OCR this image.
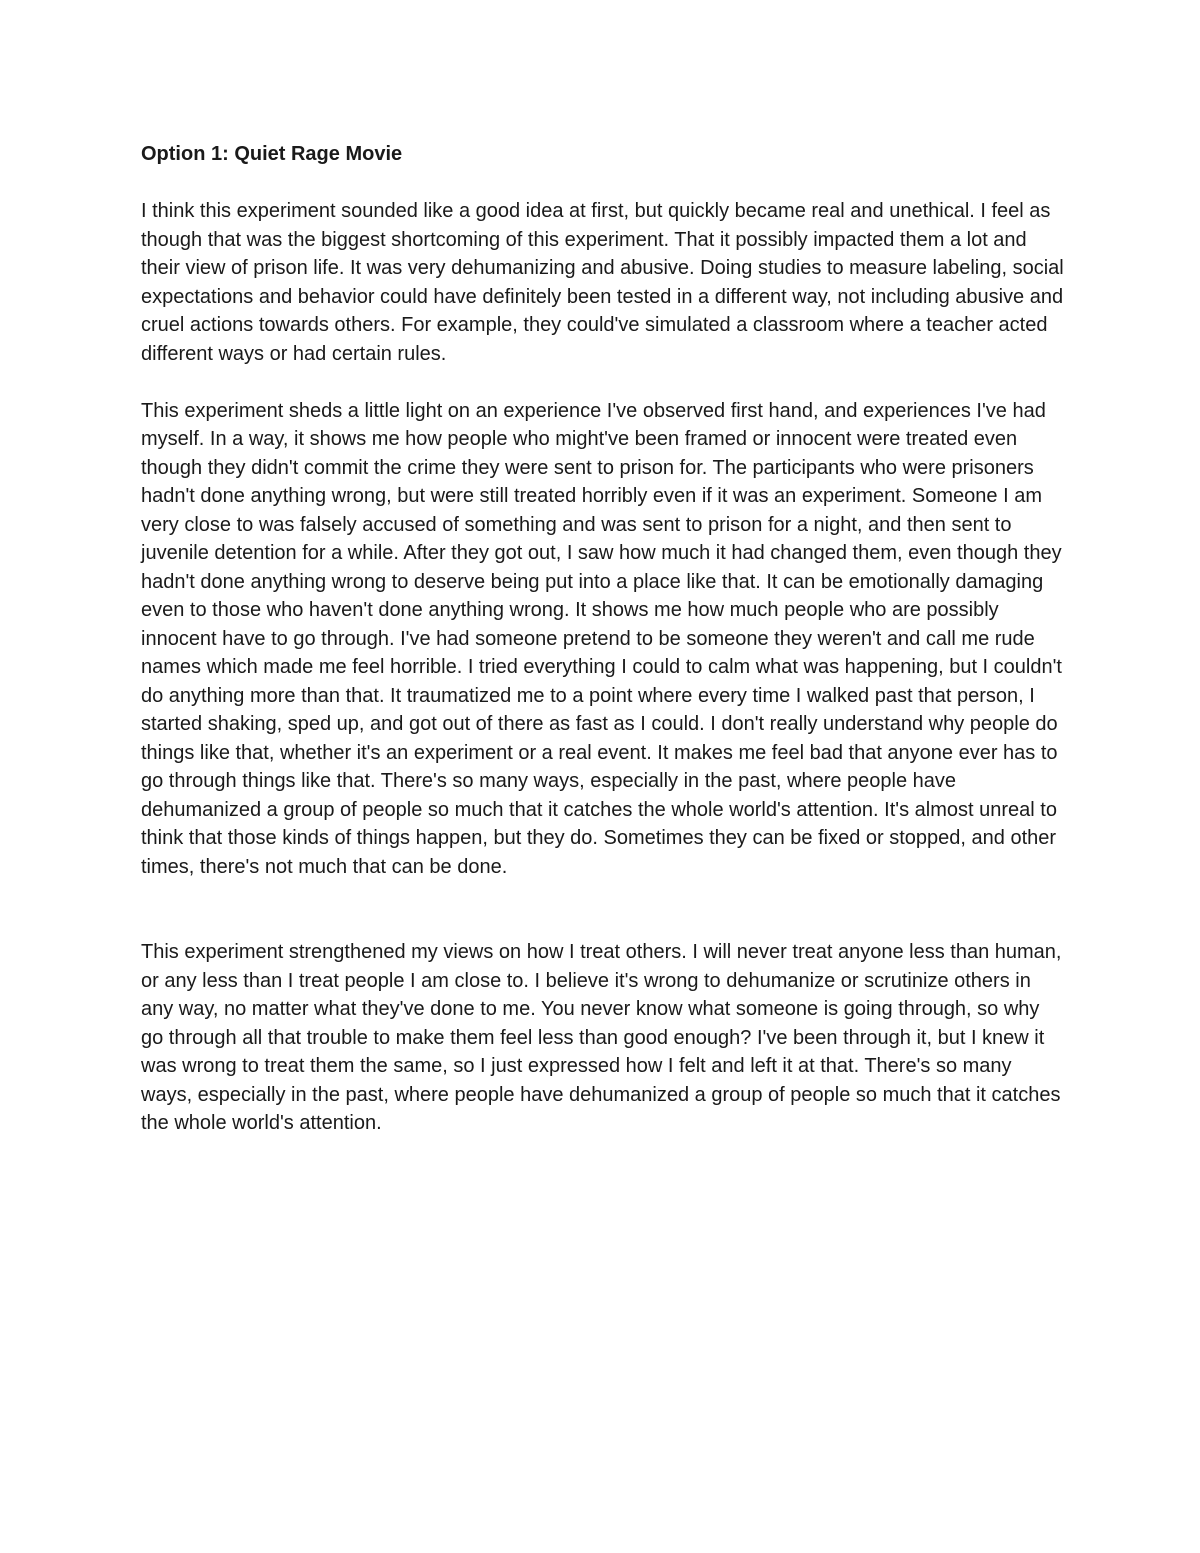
Option 1: Quiet Rage Movie

I think this experiment sounded like a good idea at first, but quickly became real and unethical. I feel as though that was the biggest shortcoming of this experiment. That it possibly impacted them a lot and their view of prison life. It was very dehumanizing and abusive. Doing studies to measure labeling, social expectations and behavior could have definitely been tested in a different way, not including abusive and cruel actions towards others. For example, they could've simulated a classroom where a teacher acted different ways or had certain rules.

This experiment sheds a little light on an experience I've observed first hand, and experiences I've had myself. In a way, it shows me how people who might've been framed or innocent were treated even though they didn't commit the crime they were sent to prison for. The participants who were prisoners hadn't done anything wrong, but were still treated horribly even if it was an experiment. Someone I am very close to was falsely accused of something and was sent to prison for a night, and then sent to juvenile detention for a while. After they got out, I saw how much it had changed them, even though they hadn't done anything wrong to deserve being put into a place like that. It can be emotionally damaging even to those who haven't done anything wrong. It shows me how much people who are possibly innocent have to go through. I've had someone pretend to be someone they weren't and call me rude names which made me feel horrible. I tried everything I could to calm what was happening, but I couldn't do anything more than that. It traumatized me to a point where every time I walked past that person, I started shaking, sped up, and got out of there as fast as I could. I don't really understand why people do things like that, whether it's an experiment or a real event. It makes me feel bad that anyone ever has to go through things like that. There's so many ways, especially in the past, where people have dehumanized a group of people so much that it catches the whole world's attention. It's almost unreal to think that those kinds of things happen, but they do. Sometimes they can be fixed or stopped, and other times, there's not much that can be done.

This experiment strengthened my views on how I treat others. I will never treat anyone less than human, or any less than I treat people I am close to. I believe it's wrong to dehumanize or scrutinize others in any way, no matter what they've done to me. You never know what someone is going through, so why go through all that trouble to make them feel less than good enough? I've been through it, but I knew it was wrong to treat them the same, so I just expressed how I felt and left it at that. There's so many ways, especially in the past, where people have dehumanized a group of people so much that it catches the whole world's attention.
